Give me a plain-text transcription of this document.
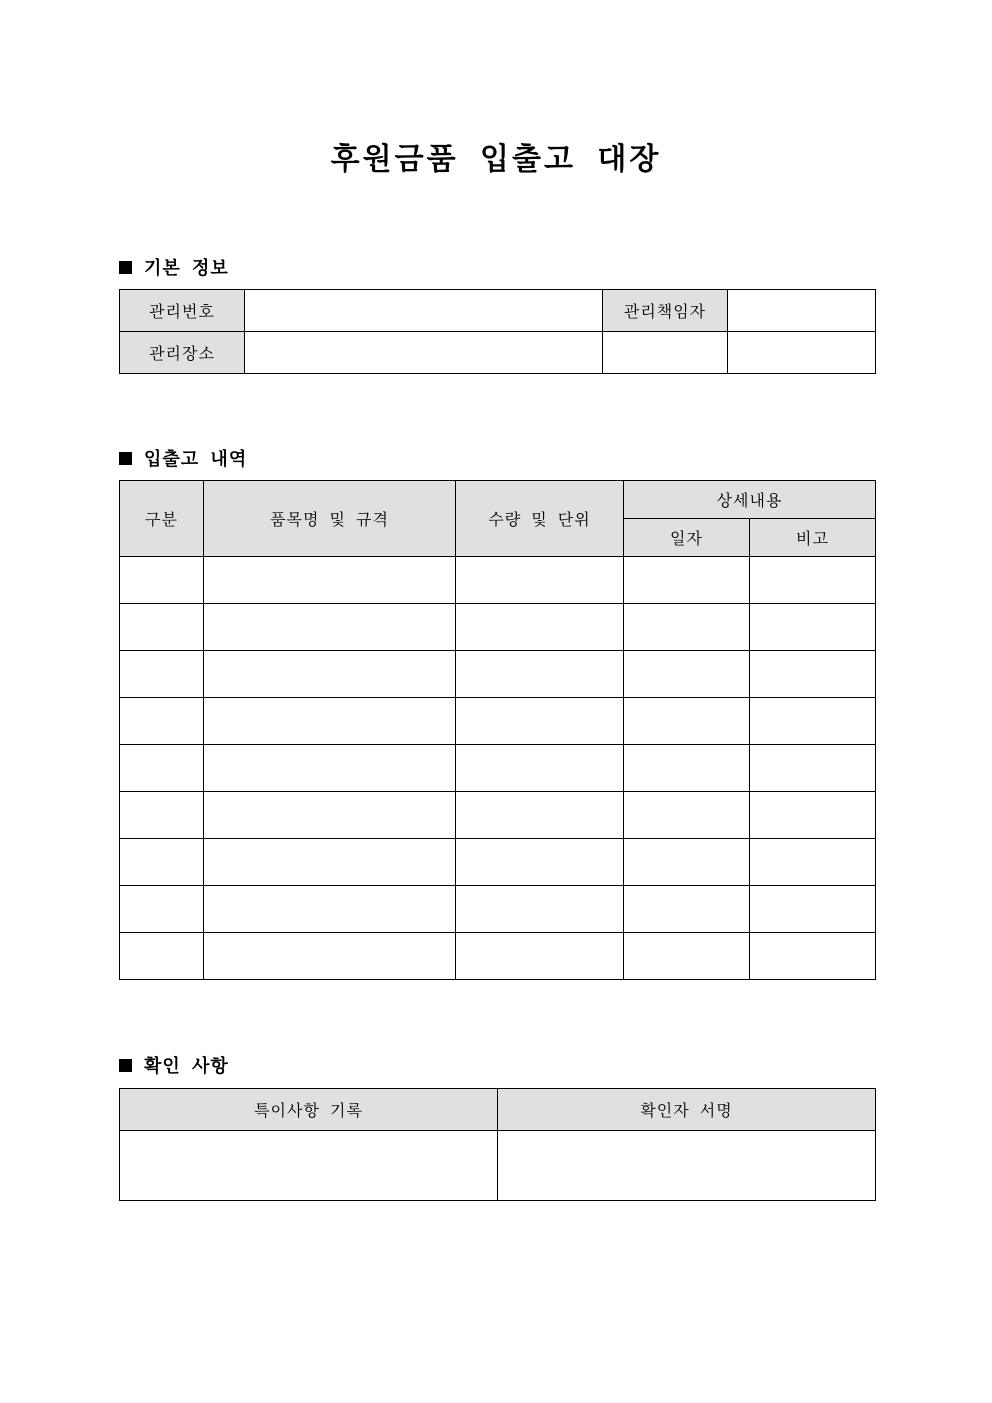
후원금품 입출고 대장
기본 정보
관리번호		관리책임자	
관리장소			
입출고 내역
구분	품목명 및 규격	수량 및 단위	상세내용	
			일자	비고

확인 사항
특이사항 기록	확인자 서명
